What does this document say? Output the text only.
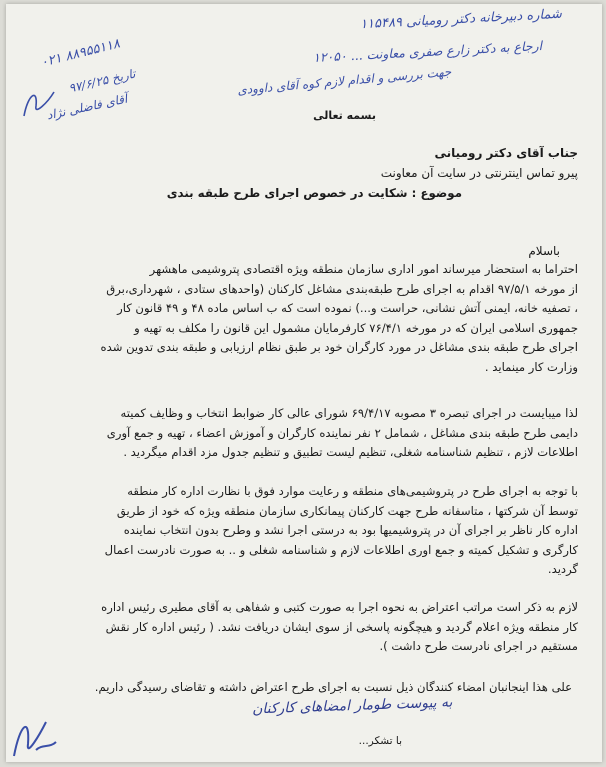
شماره دبیرخانه دکتر رومیانی ۱۱۵۴۸۹
ارجاع به دکتر زارع صفری معاونت ... ۱۲۰۵۰
جهت بررسی و اقدام لازم کوه آقای داوودی
۰۲۱ ۸۸۹۵۵۱۱۸
۹۷/۶/۲۵ تاریخ
آقای فاضلی نژاد	بسمه تعالی
جناب آقای دکتر رومیانی
پیرو تماس اینترنتی در سایت آن معاونت
موضوع : شکایت در خصوص اجرای طرح طبقه بندی
باسلام
احتراما به استحضار میرساند امور اداری سازمان منطقه ویژه اقتصادی پتروشیمی ماهشهر
از مورخه ۹۷/۵/۱ اقدام به اجرای طرح طبقه‌بندی مشاغل کارکنان (واحدهای ستادی ، شهرداری،برق
، تصفیه خانه، ایمنی آتش نشانی، حراست و...) نموده است که ب اساس ماده ۴۸ و ۴۹ قانون کار
جمهوری اسلامی ایران که در مورخه ۷۶/۴/۱ کارفرمایان مشمول این قانون را مکلف به تهیه و
اجرای طرح طبقه بندی مشاغل در مورد کارگران خود بر طبق نظام ارزیابی و طبقه بندی تدوین شده
وزارت کار مینماید .
لذا میبایست در اجرای تبصره ۳ مصوبه ۶۹/۴/۱۷ شورای عالی کار ضوابط انتخاب و وظایف کمیته
دایمی طرح طبقه بندی مشاغل ، شمامل ۲ نفر نماینده کارگران و آموزش اعضاء ، تهیه و جمع آوری
اطلاعات لازم ، تنظیم شناسنامه شغلی، تنظیم لیست تطبیق و تنظیم جدول مزد اقدام میگردید .
با توجه به اجرای طرح در پتروشیمی‌های منطقه و رعایت موارد فوق با نظارت اداره کار منطقه
توسط آن شرکتها ، متاسفانه طرح جهت کارکنان پیمانکاری سازمان منطقه ویژه که خود از طریق
اداره کار ناظر بر اجرای آن در پتروشیمیها بود به درستی اجرا نشد و وطرح بدون انتخاب نماینده
کارگری و تشکیل کمیته و جمع اوری اطلاعات لازم و شناسنامه شغلی و .. به صورت نادرست اعمال
گردید.
لازم به ذکر است مراتب اعتراض به نحوه اجرا به صورت کتبی و شفاهی به آقای مطیری رئیس اداره
کار منطقه ویژه اعلام گردید و هیچگونه پاسخی از سوی ایشان دریافت نشد. ( رئیس اداره کار نقش
مستقیم در اجرای نادرست طرح داشت ).
علی هذا اینجانبان امضاء کنندگان ذیل نسبت به اجرای طرح اعتراض داشته و تقاضای رسیدگی داریم.
به پیوست طومار امضاهای کارکنان
با تشکر...
